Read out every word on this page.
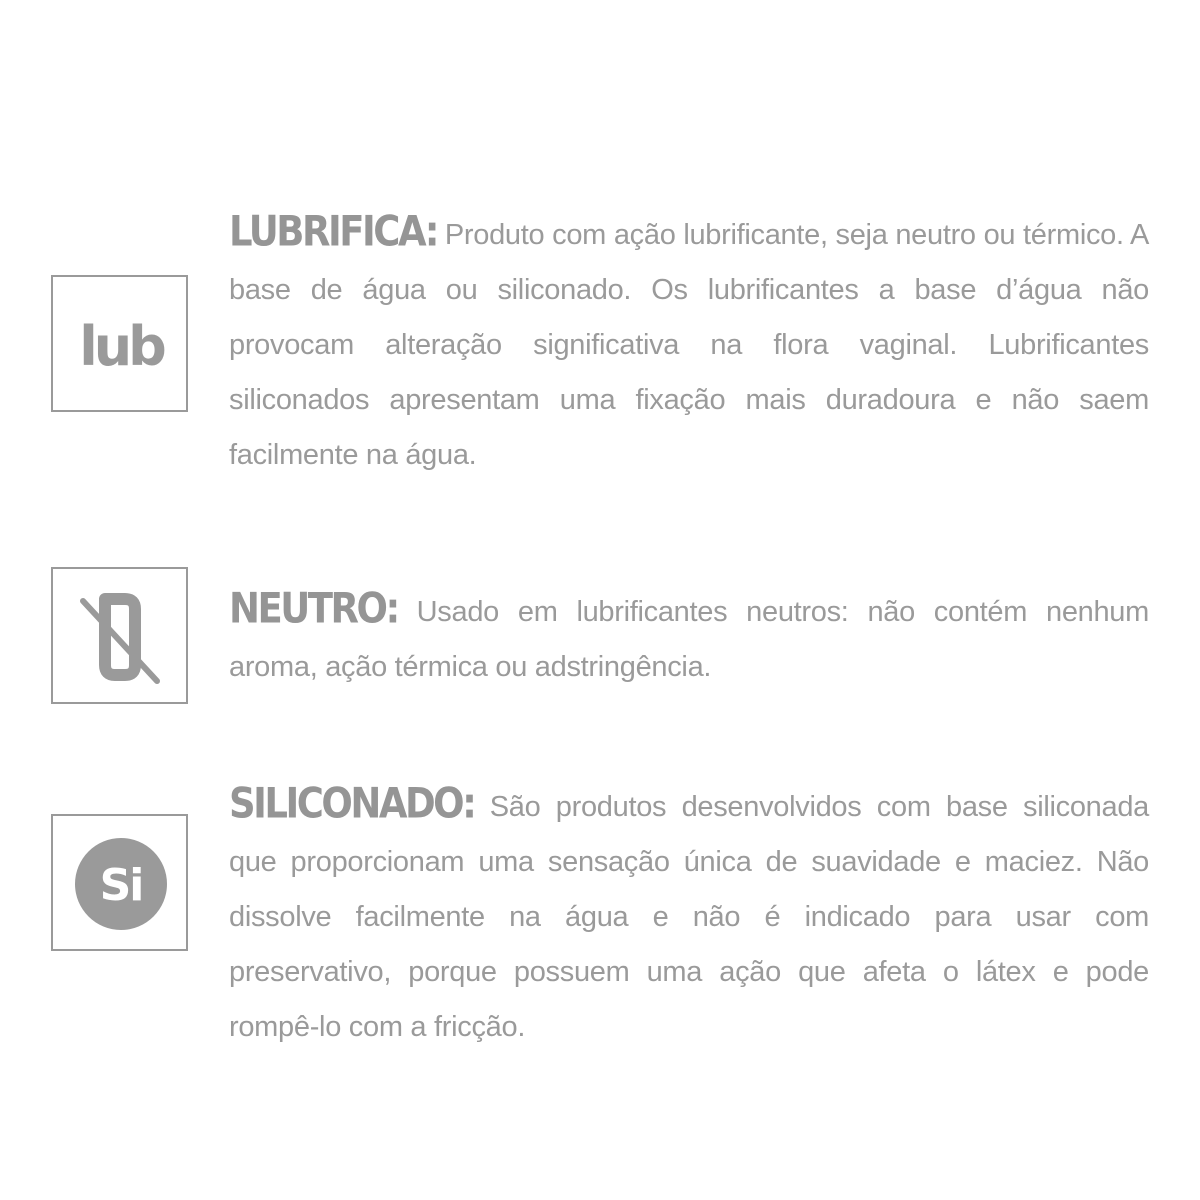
lub

LUBRIFICA: Produto com ação lubrificante, seja neutro ou térmico. A base de água ou siliconado. Os lubrificantes a base d’água não provocam alteração significativa na flora vaginal. Lubrificantes siliconados apresentam uma fixação mais duradoura e não saem facilmente na água.

NEUTRO: Usado em lubrificantes neutros: não contém nenhum aroma, ação térmica ou adstringência.

Si

SILICONADO: São produtos desenvolvidos com base siliconada que proporcionam uma sensação única de suavidade e maciez. Não dissolve facilmente na água e não é indicado para usar com preservativo, porque possuem uma ação que afeta o látex e pode rompê-lo com a fricção.
